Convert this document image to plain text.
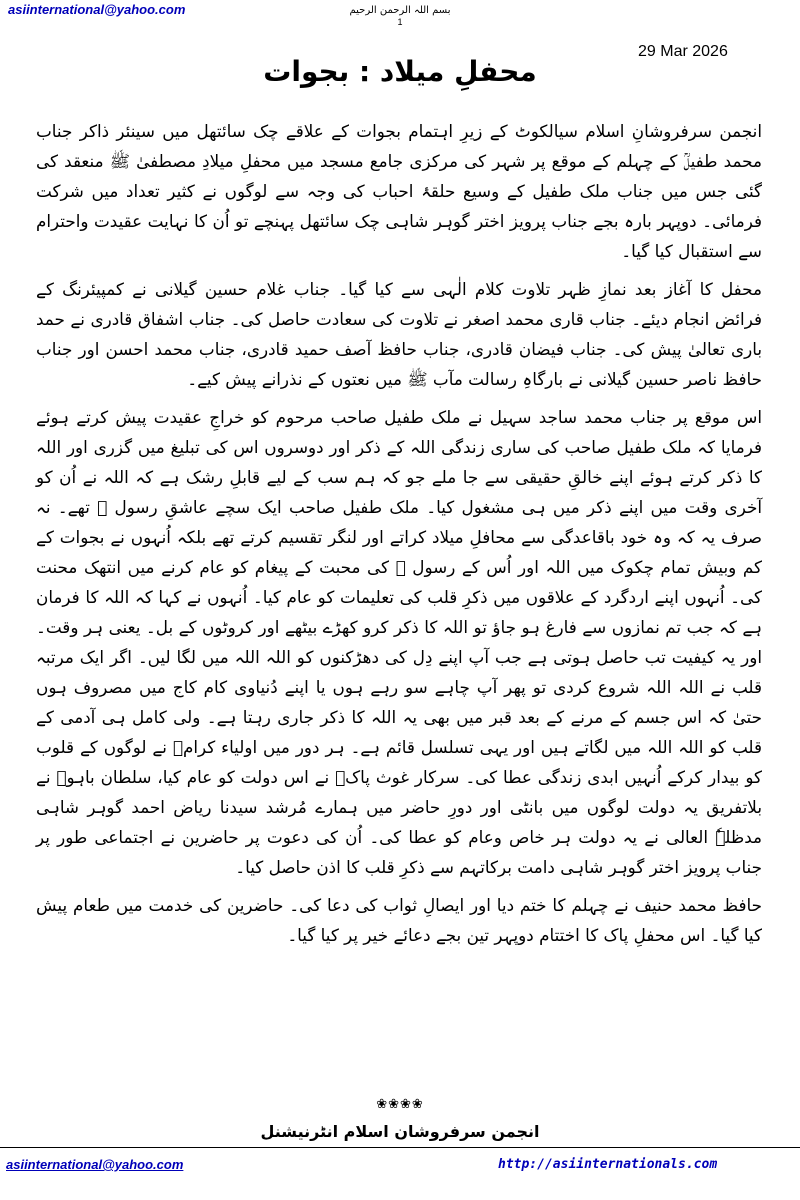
asiinternational@yahoo.com	بسم اللہ الرحمن الرحیم
1
29 Mar 2026
محفلِ میلاد : بجوات

انجمن سرفروشانِ اسلام سیالکوٹ کے زیرِ اہتمام بجوات کے علاقے چک سائتھل میں سینئر ذاکر جناب محمد طفیلؒ کے چہلم کے موقع پر شہر کی مرکزی جامع مسجد میں محفلِ میلادِ مصطفیٰ ﷺ منعقد کی گئی جس میں جناب ملک طفیل کے وسیع حلقۂ احباب کی وجہ سے لوگوں نے کثیر تعداد میں شرکت فرمائی۔ دوپہر بارہ بجے جناب پرویز اختر گوہر شاہی چک سائتھل پہنچے تو اُن کا نہایت عقیدت واحترام سے استقبال کیا گیا۔

محفل کا آغاز بعد نمازِ ظہر تلاوت کلام الٰہی سے کیا گیا۔ جناب غلام حسین گیلانی نے کمپیئرنگ کے فرائض انجام دیئے۔ جناب قاری محمد اصغر نے تلاوت کی سعادت حاصل کی۔ جناب اشفاق قادری نے حمد باری تعالیٰ پیش کی۔ جناب فیضان قادری، جناب حافظ آصف حمید قادری، جناب محمد احسن اور جناب حافظ ناصر حسین گیلانی نے بارگاہِ رسالت مآب ﷺ میں نعتوں کے نذرانے پیش کیے۔

اس موقع پر جناب محمد ساجد سہیل نے ملک طفیل صاحب مرحوم کو خراجِ عقیدت پیش کرتے ہوئے فرمایا کہ ملک طفیل صاحب کی ساری زندگی اللہ کے ذکر اور دوسروں اس کی تبلیغ میں گزری اور اللہ کا ذکر کرتے ہوئے اپنے خالقِ حقیقی سے جا ملے جو کہ ہم سب کے لیے قابلِ رشک ہے کہ اللہ نے اُن کو آخری وقت میں اپنے ذکر میں ہی مشغول کیا۔ ملک طفیل صاحب ایک سچے عاشقِ رسول ﷺ تھے۔ نہ صرف یہ کہ وہ خود باقاعدگی سے محافلِ میلاد کراتے اور لنگر تقسیم کرتے تھے بلکہ اُنہوں نے بجوات کے کم وبیش تمام چکوک میں اللہ اور اُس کے رسول ﷺ کی محبت کے پیغام کو عام کرنے میں انتھک محنت کی۔ اُنہوں اپنے اردگرد کے علاقوں میں ذکرِ قلب کی تعلیمات کو عام کیا۔ اُنہوں نے کہا کہ اللہ کا فرمان ہے کہ جب تم نمازوں سے فارغ ہو جاؤ تو اللہ کا ذکر کرو کھڑے بیٹھے اور کروٹوں کے بل۔ یعنی ہر وقت۔ اور یہ کیفیت تب حاصل ہوتی ہے جب آپ اپنے دِل کی دھڑکنوں کو اللہ اللہ میں لگا لیں۔ اگر ایک مرتبہ قلب نے اللہ اللہ شروع کردی تو پھر آپ چاہے سو رہے ہوں یا اپنے دُنیاوی کام کاج میں مصروف ہوں حتیٰ کہ اس جسم کے مرنے کے بعد قبر میں بھی یہ اللہ کا ذکر جاری رہتا ہے۔ ولی کامل ہی آدمی کے قلب کو اللہ اللہ میں لگاتے ہیں اور یہی تسلسل قائم ہے۔ ہر دور میں اولیاء کرامؒ نے لوگوں کے قلوب کو بیدار کرکے اُنہیں ابدی زندگی عطا کی۔ سرکار غوث پاکؒ نے اس دولت کو عام کیا، سلطان باہوؒ نے بلاتفریق یہ دولت لوگوں میں بانٹی اور دورِ حاضر میں ہمارے مُرشد سیدنا ریاض احمد گوہر شاہی مدظلہٗ العالی نے یہ دولت ہر خاص وعام کو عطا کی۔ اُن کی دعوت پر حاضرین نے اجتماعی طور پر جناب پرویز اختر گوہر شاہی دامت برکاتہم سے ذکرِ قلب کا اذن حاصل کیا۔

حافظ محمد حنیف نے چہلم کا ختم دیا اور ایصالِ ثواب کی دعا کی۔ حاضرین کی خدمت میں طعام پیش کیا گیا۔ اس محفلِ پاک کا اختتام دوپہر تین بجے دعائے خیر پر کیا گیا۔

❀❀❀❀
انجمن سرفروشان اسلام انٹرنیشنل
asiinternational@yahoo.com	http://asiinternationals.com
